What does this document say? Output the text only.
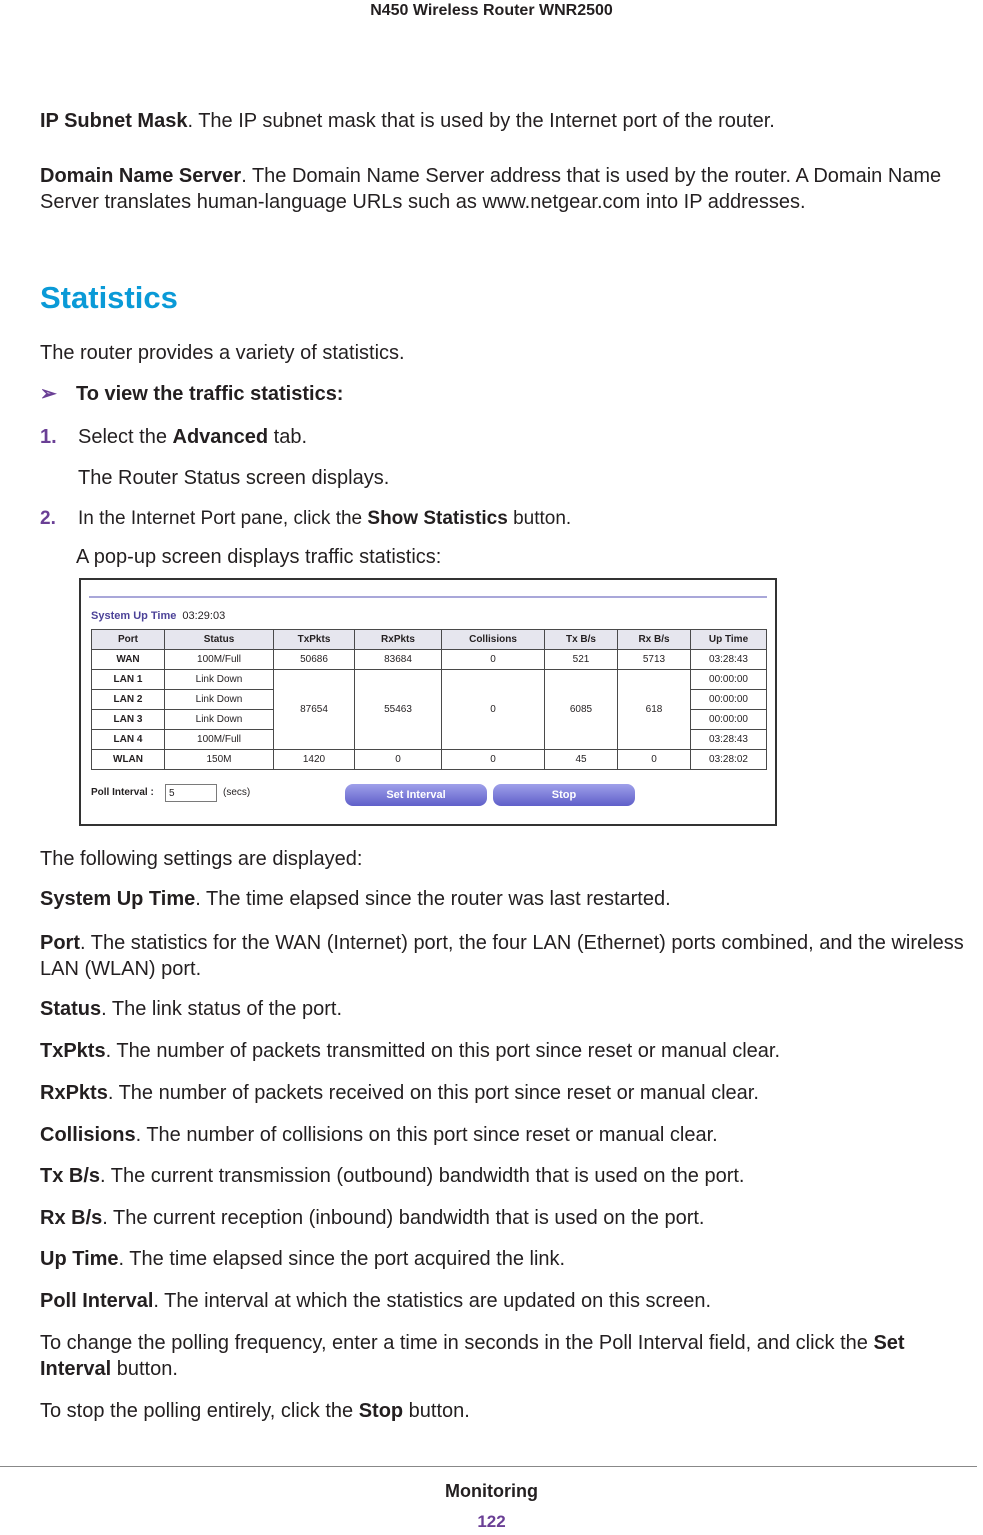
N450 Wireless Router WNR2500

IP Subnet Mask. The IP subnet mask that is used by the Internet port of the router.

Domain Name Server. The Domain Name Server address that is used by the router. A Domain Name Server translates human-language URLs such as www.netgear.com into IP addresses.

Statistics

The router provides a variety of statistics.

➢ To view the traffic statistics:
1. Select the Advanced tab.
The Router Status screen displays.
2. In the Internet Port pane, click the Show Statistics button.
A pop-up screen displays traffic statistics:
System Up Time 03:29:03
Port	Status	TxPkts	RxPkts	Collisions	Tx B/s	Rx B/s	Up Time
WAN	100M/Full	50686	83684	0	521	5713	03:28:43
LAN 1	Link Down	87654	55463	0	6085	618	00:00:00
LAN 2	Link Down						00:00:00
LAN 3	Link Down						00:00:00
LAN 4	100M/Full						03:28:43
WLAN	150M	1420	0	0	45	0	03:28:02
Poll Interval :	5	(secs)	Set Interval	Stop

The following settings are displayed:

System Up Time. The time elapsed since the router was last restarted.

Port. The statistics for the WAN (Internet) port, the four LAN (Ethernet) ports combined, and the wireless LAN (WLAN) port.

Status. The link status of the port.

TxPkts. The number of packets transmitted on this port since reset or manual clear.

RxPkts. The number of packets received on this port since reset or manual clear.

Collisions. The number of collisions on this port since reset or manual clear.

Tx B/s. The current transmission (outbound) bandwidth that is used on the port.

Rx B/s. The current reception (inbound) bandwidth that is used on the port.

Up Time. The time elapsed since the port acquired the link.

Poll Interval. The interval at which the statistics are updated on this screen.

To change the polling frequency, enter a time in seconds in the Poll Interval field, and click the Set Interval button.

To stop the polling entirely, click the Stop button.

Monitoring
122
